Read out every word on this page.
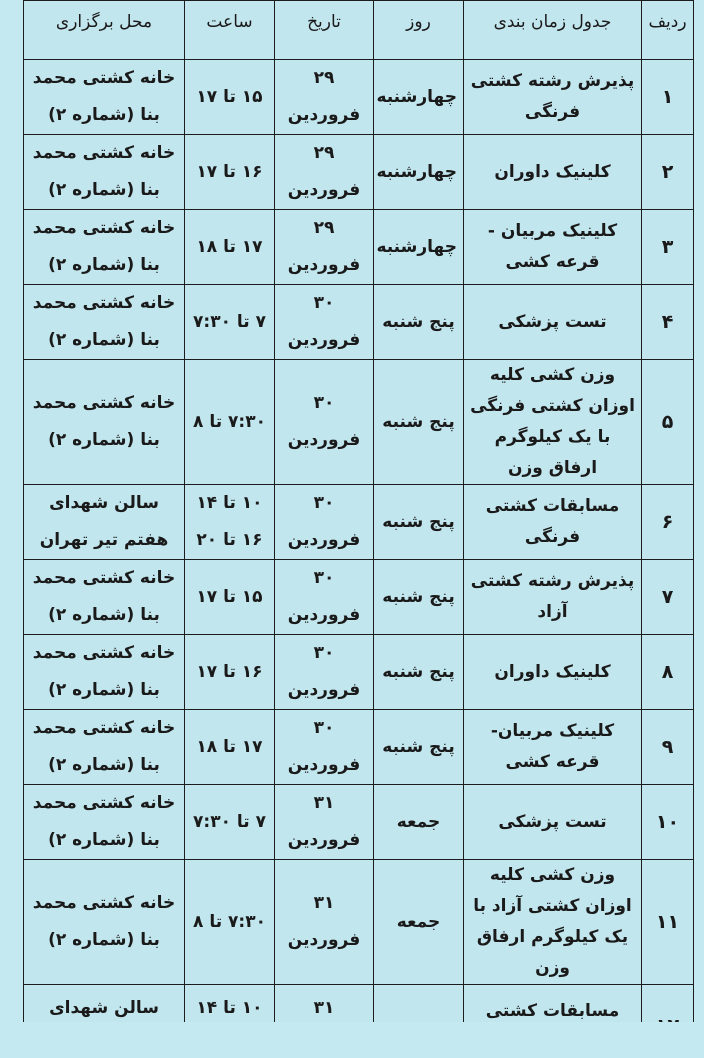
ردیف	جدول زمان بندی	روز	تاریخ	ساعت	محل برگزاری
۱	پذیرش رشته کشتی فرنگی	چهارشنبه	۲۹ فروردین	۱۵ تا ۱۷	خانه کشتی محمد بنا (شماره ۲)
۲	کلینیک داوران	چهارشنبه	۲۹ فروردین	۱۶ تا ۱۷	خانه کشتی محمد بنا (شماره ۲)
۳	کلینیک مربیان - قرعه کشی	چهارشنبه	۲۹ فروردین	۱۷ تا ۱۸	خانه کشتی محمد بنا (شماره ۲)
۴	تست پزشکی	پنج شنبه	۳۰ فروردین	۷ تا ۷:۳۰	خانه کشتی محمد بنا (شماره ۲)
۵	وزن کشی کلیه اوزان کشتی فرنگی با یک کیلوگرم ارفاق وزن	پنج شنبه	۳۰ فروردین	۷:۳۰ تا ۸	خانه کشتی محمد بنا (شماره ۲)
۶	مسابقات کشتی فرنگی	پنج شنبه	۳۰ فروردین	۱۰ تا ۱۴ ۱۶ تا ۲۰	سالن شهدای هفتم تیر تهران
۷	پذیرش رشته کشتی آزاد	پنج شنبه	۳۰ فروردین	۱۵ تا ۱۷	خانه کشتی محمد بنا (شماره ۲)
۸	کلینیک داوران	پنج شنبه	۳۰ فروردین	۱۶ تا ۱۷	خانه کشتی محمد بنا (شماره ۲)
۹	کلینیک مربیان- قرعه کشی	پنج شنبه	۳۰ فروردین	۱۷ تا ۱۸	خانه کشتی محمد بنا (شماره ۲)
۱۰	تست پزشکی	جمعه	۳۱ فروردین	۷ تا ۷:۳۰	خانه کشتی محمد بنا (شماره ۲)
۱۱	وزن کشی کلیه اوزان کشتی آزاد با یک کیلوگرم ارفاق وزن	جمعه	۳۱ فروردین	۷:۳۰ تا ۸	خانه کشتی محمد بنا (شماره ۲)
	مسابقات کشتی		۳۱	۱۰ تا ۱۴	سالن شهدای
